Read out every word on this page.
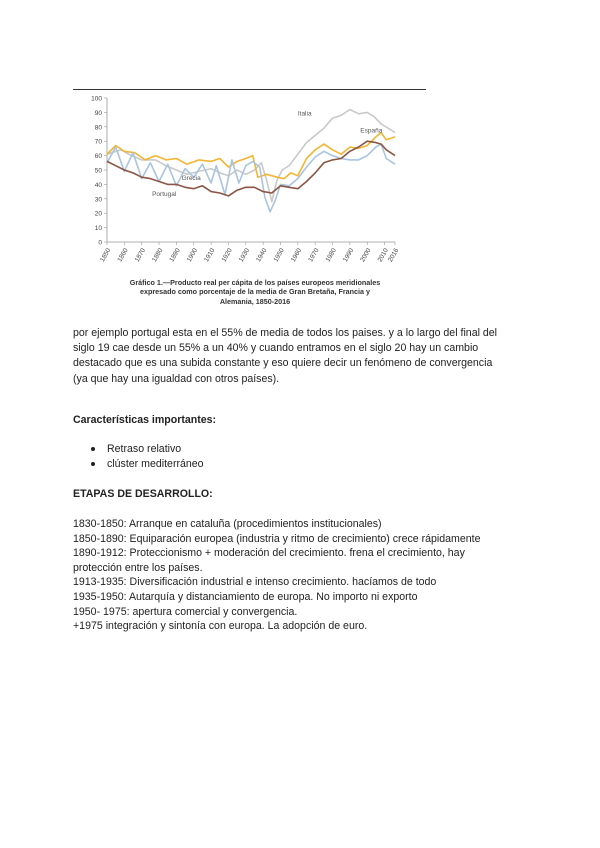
0
10
20
30
40
50
60
70
80
90
100
1850 1860 1870 1880 1890 1900 1910 1920 1930 1940 1950 1960 1970 1980 1990 2000 2010
2016
Italia
España
Grecia
Portugal
Gráfico 1.—Producto real per cápita de los países europeos meridionales
expresado como porcentaje de la media de Gran Bretaña, Francia y
Alemania, 1850-2016
por ejemplo portugal esta en el 55% de media de todos los paises. y a lo largo del final del
siglo 19 cae desde un 55% a un 40% y cuando entramos en el siglo 20 hay un cambio
destacado que es una subida constante y eso quiere decir un fenómeno de convergencia
(ya que hay una igualdad con otros países).
Características importantes:
Retraso relativo
clúster mediterráneo
ETAPAS DE DESARROLLO:
1830-1850: Arranque en cataluña (procedimientos institucionales)
1850-1890: Equiparación europea (industria y ritmo de crecimiento) crece rápidamente
1890-1912: Proteccionismo + moderación del crecimiento. frena el crecimiento, hay
protección entre los países.
1913-1935: Diversificación industrial e intenso crecimiento. hacíamos de todo
1935-1950: Autarquía y distanciamiento de europa. No importo ni exporto
1950- 1975: apertura comercial y convergencia.
+1975 integración y sintonía con europa. La adopción de euro.
